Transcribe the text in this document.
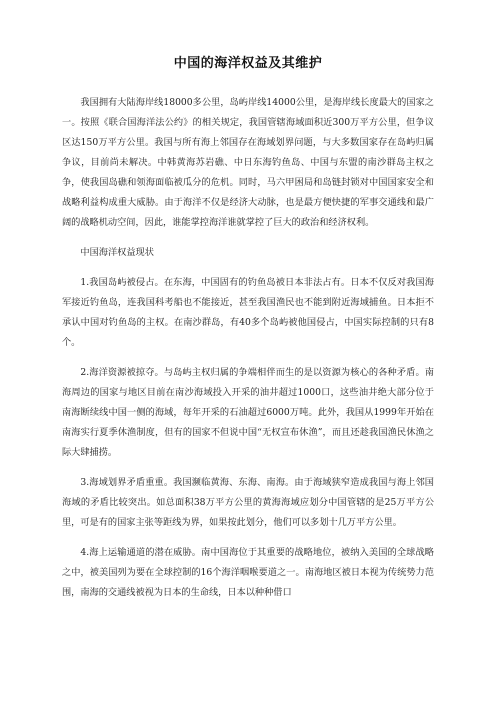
中国的海洋权益及其维护

我国拥有大陆海岸线18000多公里，岛屿岸线14000公里，是海岸线长度最大的国家之一。按照《联合国海洋法公约》的相关规定，我国管辖海域面积近300万平方公里，但争议区达150万平方公里。我国与所有海上邻国存在海域划界问题，与大多数国家存在岛屿归属争议，目前尚未解决。中韩黄海苏岩礁、中日东海钓鱼岛、中国与东盟的南沙群岛主权之争，使我国岛礁和领海面临被瓜分的危机。同时，马六甲困局和岛链封锁对中国国家安全和战略利益构成重大威胁。由于海洋不仅是经济大动脉，也是最方便快捷的军事交通线和最广阔的战略机动空间，因此，谁能掌控海洋谁就掌控了巨大的政治和经济权利。

中国海洋权益现状

1.我国岛屿被侵占。在东海，中国固有的钓鱼岛被日本非法占有。日本不仅反对我国海军接近钓鱼岛，连我国科考船也不能接近，甚至我国渔民也不能到附近海域捕鱼。日本拒不承认中国对钓鱼岛的主权。在南沙群岛，有40多个岛屿被他国侵占，中国实际控制的只有8个。

2.海洋资源被掠夺。与岛屿主权归属的争端相伴而生的是以资源为核心的各种矛盾。南海周边的国家与地区目前在南沙海域投入开采的油井超过1000口，这些油井绝大部分位于南海断续线中国一侧的海域，每年开采的石油超过6000万吨。此外，我国从1999年开始在南海实行夏季休渔制度，但有的国家不但说中国“无权宣布休渔”，而且还趁我国渔民休渔之际大肆捕捞。

3.海域划界矛盾重重。我国濒临黄海、东海、南海。由于海域狭窄造成我国与海上邻国海域的矛盾比较突出。如总面积38万平方公里的黄海海域应划分中国管辖的是25万平方公里，可是有的国家主张等距线为界，如果按此划分，他们可以多划十几万平方公里。

4.海上运输通道的潜在威胁。南中国海位于其重要的战略地位，被纳入美国的全球战略之中，被美国列为要在全球控制的16个海洋咽喉要道之一。南海地区被日本视为传统势力范围，南海的交通线被视为日本的生命线，日本以种种借口
